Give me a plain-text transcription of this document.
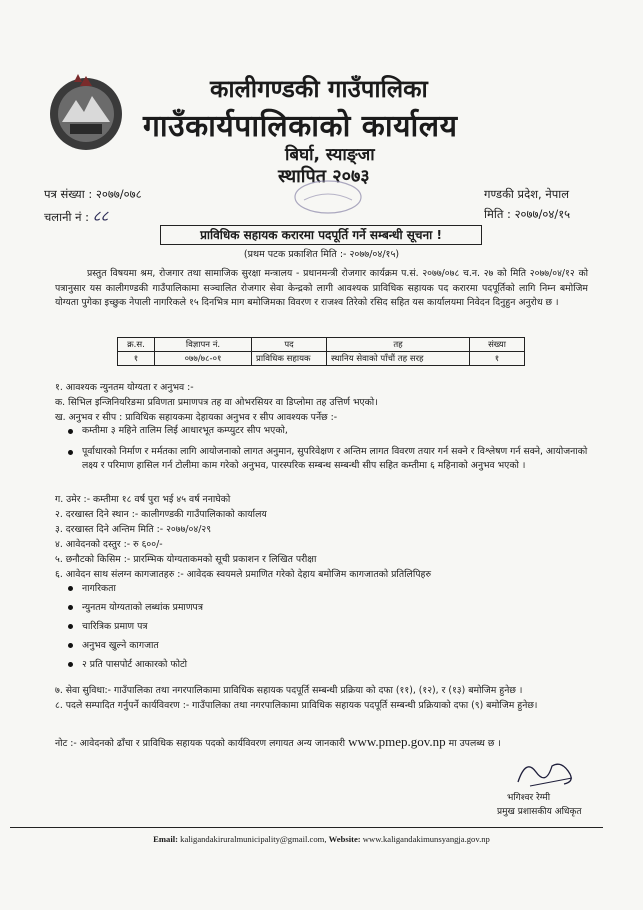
कालीगण्डकी गाउँपालिका
गाउँकार्यपालिकाको कार्यालय
बिर्घा, स्याङ्जा
स्थापित २०७३
पत्र संख्या : २०७७/०७८
चलानी नं : ८८
गण्डकी प्रदेश, नेपाल
मिति : २०७७/०४/१५
प्राविधिक सहायक करारमा पदपूर्ति गर्ने सम्बन्धी सूचना !
(प्रथम पटक प्रकाशित मिति :- २०७७/०४/१५)
प्रस्तुत विषयमा श्रम, रोजगार तथा सामाजिक सुरक्षा मन्त्रालय - प्रधानमन्त्री रोजगार कार्यक्रम प.सं. २०७७/०७८ च.न. २७ को मिति २०७७/०४/१२ को पत्रानुसार यस कालीगण्डकी गाउँपालिकामा सञ्चालित रोजगार सेवा केन्द्रको लागी आवश्यक प्राविधिक सहायक पद करारमा पदपूर्तिको लागि निम्न बमोजिम योग्यता पुगेका इच्छुक नेपाली नागरिकले १५ दिनभित्र माग बमोजिमका विवरण र राजश्व तिरेको रसिद सहित यस कार्यालयमा निवेदन दिनुहुन अनुरोध छ ।
क्र.स.	विज्ञापन नं.	पद	तह	संख्या
१	०७७/७८-०१	प्राविधिक सहायक	स्थानिय सेवाको पाँचौं तह सरह	१
१. आवश्यक न्युनतम योग्यता र अनुभव :-
क. सिभिल इन्जिनियरिङमा प्रविणता प्रमाणपत्र तह वा ओभरसियर वा डिप्लोमा तह उत्तिर्ण भएको।
ख. अनुभव र सीप : प्राविधिक सहायकमा देहायका अनुभव र सीप आवश्यक पर्नेछ :-
कम्तीमा ३ महिने तालिम लिई आधारभूत कम्प्युटर सीप भएको,
पूर्वाधारको निर्माण र मर्मतका लागि आयोजनाको लागत अनुमान, सुपरिवेक्षण र अन्तिम लागत विवरण तयार गर्न सक्ने र विश्लेषण गर्न सक्ने, आयोजनाको लक्ष्य र परिमाण हासिल गर्न टोलीमा काम गरेको अनुभव, पारस्परिक सम्बन्ध सम्बन्धी सीप सहित कम्तीमा ६ महिनाको अनुभव भएको ।
ग. उमेर :- कम्तीमा १८ वर्ष पुरा भई ४५ वर्ष ननाघेको
२. दरखास्त दिने स्थान :- कालीगण्डकी गाउँपालिकाको कार्यालय
३. दरखास्त दिने अन्तिम मिति :- २०७७/०४/२९
४. आवेदनको दस्तुर :- रु ६००/-
५. छनौटको किसिम :- प्रारम्भिक योग्यताकमको सूची प्रकाशन र लिखित परीक्षा
६. आवेदन साथ संलग्न कागजातहरु :- आवेदक स्वयमले प्रमाणित गरेको देहाय बमोजिम कागजातको प्रतिलिपिहरु
नागरिकता
न्युनतम योग्यताको लब्धांक प्रमाणपत्र
चारित्रिक प्रमाण पत्र
अनुभव खुल्ने कागजात
२ प्रति पासपोर्ट आकारको फोटो
७. सेवा सुविधा:- गाउँपालिका तथा नगरपालिकामा प्राविधिक सहायक पदपूर्ति सम्बन्धी प्रक्रिया को दफा (११), (१२), र (१३) बमोजिम हुनेछ ।
८. पदले सम्पादित गर्नुपर्ने कार्यविवरण :- गाउँपालिका तथा नगरपालिकामा प्राविधिक सहायक पदपूर्ति सम्बन्धी प्रक्रियाको दफा (९) बमोजिम हुनेछ।
नोट :- आवेदनको ढाँचा र प्राविधिक सहायक पदको कार्यविवरण लगायत अन्य जानकारी www.pmep.gov.np मा उपलब्ध छ ।
भगिश्वर रेग्मी
प्रमुख प्रशासकीय अधिकृत
Email: kaligandakiruralmunicipality@gmail.com, Website: www.kaligandakimunsyangja.gov.np
